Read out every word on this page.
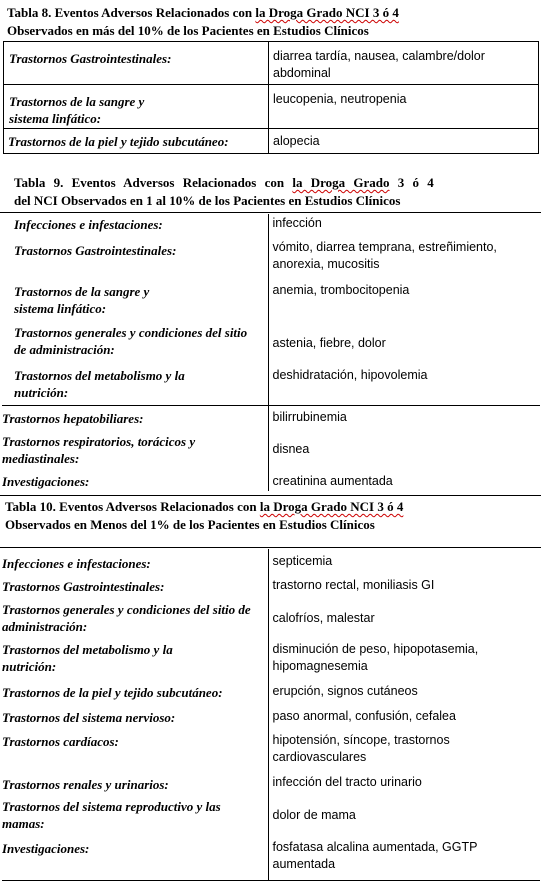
Tabla 8. Eventos Adversos Relacionados con la Droga Grado NCI 3 ó 4
Observados en más del 10% de los Pacientes en Estudios Clínicos
Trastornos Gastrointestinales:	diarrea tardía, nausea, calambre/dolor abdominal
Trastornos de la sangre y sistema linfático:	leucopenia, neutropenia
Trastornos de la piel y tejido subcutáneo:	alopecia
Tabla 9. Eventos Adversos Relacionados con la Droga Grado 3 ó 4
del NCI Observados en 1 al 10% de los Pacientes en Estudios Clínicos
Infecciones e infestaciones:	infección
Trastornos Gastrointestinales:	vómito, diarrea temprana, estreñimiento, anorexia, mucositis
Trastornos de la sangre y sistema linfático:	anemia, trombocitopenia
Trastornos generales y condiciones del sitio de administración:	astenia, fiebre, dolor
Trastornos del metabolismo y la nutrición:	deshidratación, hipovolemia
Trastornos hepatobiliares:	bilirrubinemia
Trastornos respiratorios, torácicos y mediastinales:	disnea
Investigaciones:	creatinina aumentada
Tabla 10. Eventos Adversos Relacionados con la Droga Grado NCI 3 ó 4
Observados en Menos del 1% de los Pacientes en Estudios Clínicos
Infecciones e infestaciones:	septicemia
Trastornos Gastrointestinales:	trastorno rectal, moniliasis GI
Trastornos generales y condiciones del sitio de administración:	calofríos, malestar
Trastornos del metabolismo y la nutrición:	disminución de peso, hipopotasemia, hipomagnesemia
Trastornos de la piel y tejido subcutáneo:	erupción, signos cutáneos
Trastornos del sistema nervioso:	paso anormal, confusión, cefalea
Trastornos cardíacos:	hipotensión, síncope, trastornos cardiovasculares
Trastornos renales y urinarios:	infección del tracto urinario
Trastornos del sistema reproductivo y las mamas:	dolor de mama
Investigaciones:	fosfatasa alcalina aumentada, GGTP aumentada
